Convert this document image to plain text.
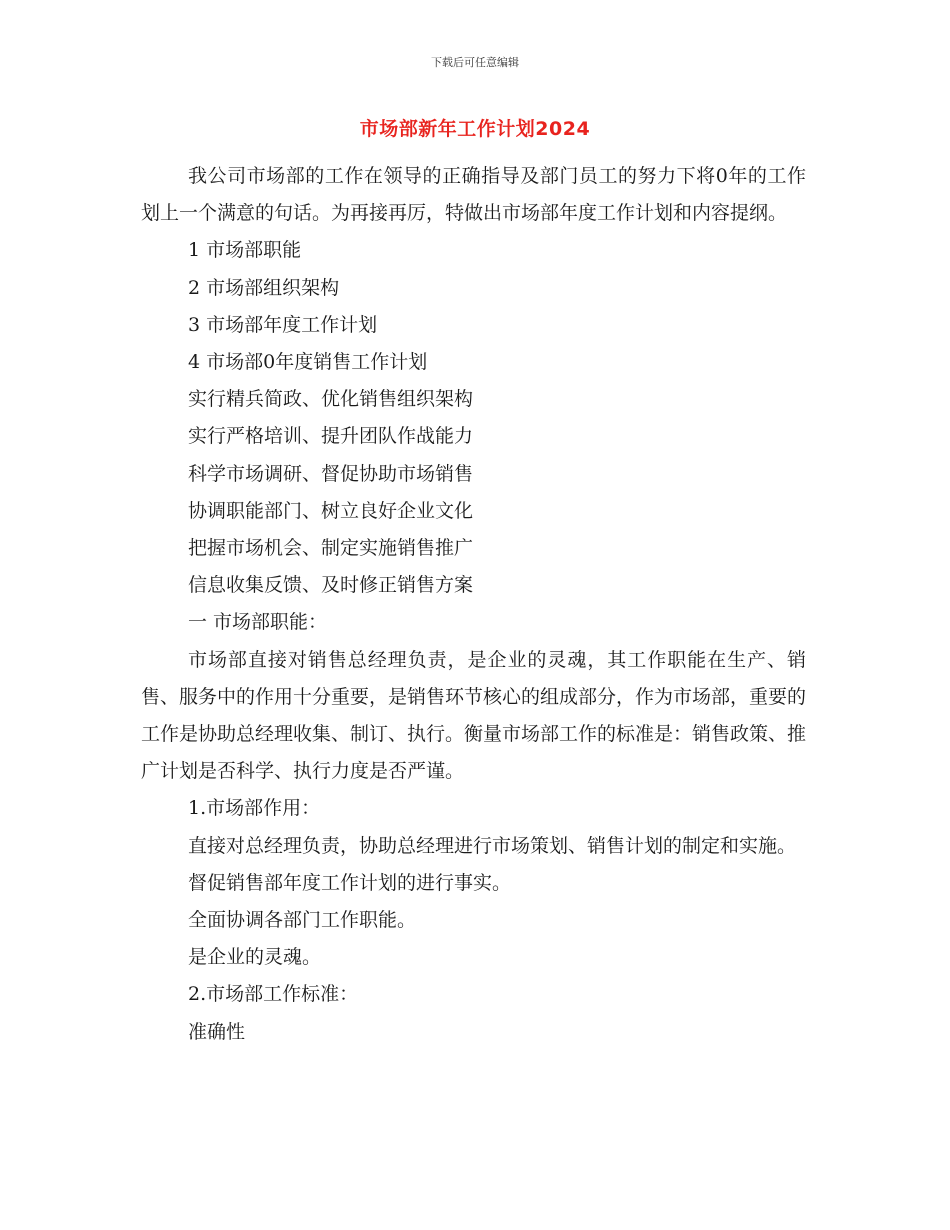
下载后可任意编辑
市场部新年工作计划2024

我公司市场部的工作在领导的正确指导及部门员工的努力下将0年的工作划上一个满意的句话。为再接再厉，特做出市场部年度工作计划和内容提纲。

1 市场部职能

2 市场部组织架构

3 市场部年度工作计划

4 市场部0年度销售工作计划

实行精兵简政、优化销售组织架构

实行严格培训、提升团队作战能力

科学市场调研、督促协助市场销售

协调职能部门、树立良好企业文化

把握市场机会、制定实施销售推广

信息收集反馈、及时修正销售方案

一 市场部职能：

市场部直接对销售总经理负责，是企业的灵魂，其工作职能在生产、销售、服务中的作用十分重要，是销售环节核心的组成部分，作为市场部，重要的工作是协助总经理收集、制订、执行。衡量市场部工作的标准是：销售政策、推广计划是否科学、执行力度是否严谨。

1.市场部作用：

直接对总经理负责，协助总经理进行市场策划、销售计划的制定和实施。

督促销售部年度工作计划的进行事实。

全面协调各部门工作职能。

是企业的灵魂。

2.市场部工作标准：

准确性
